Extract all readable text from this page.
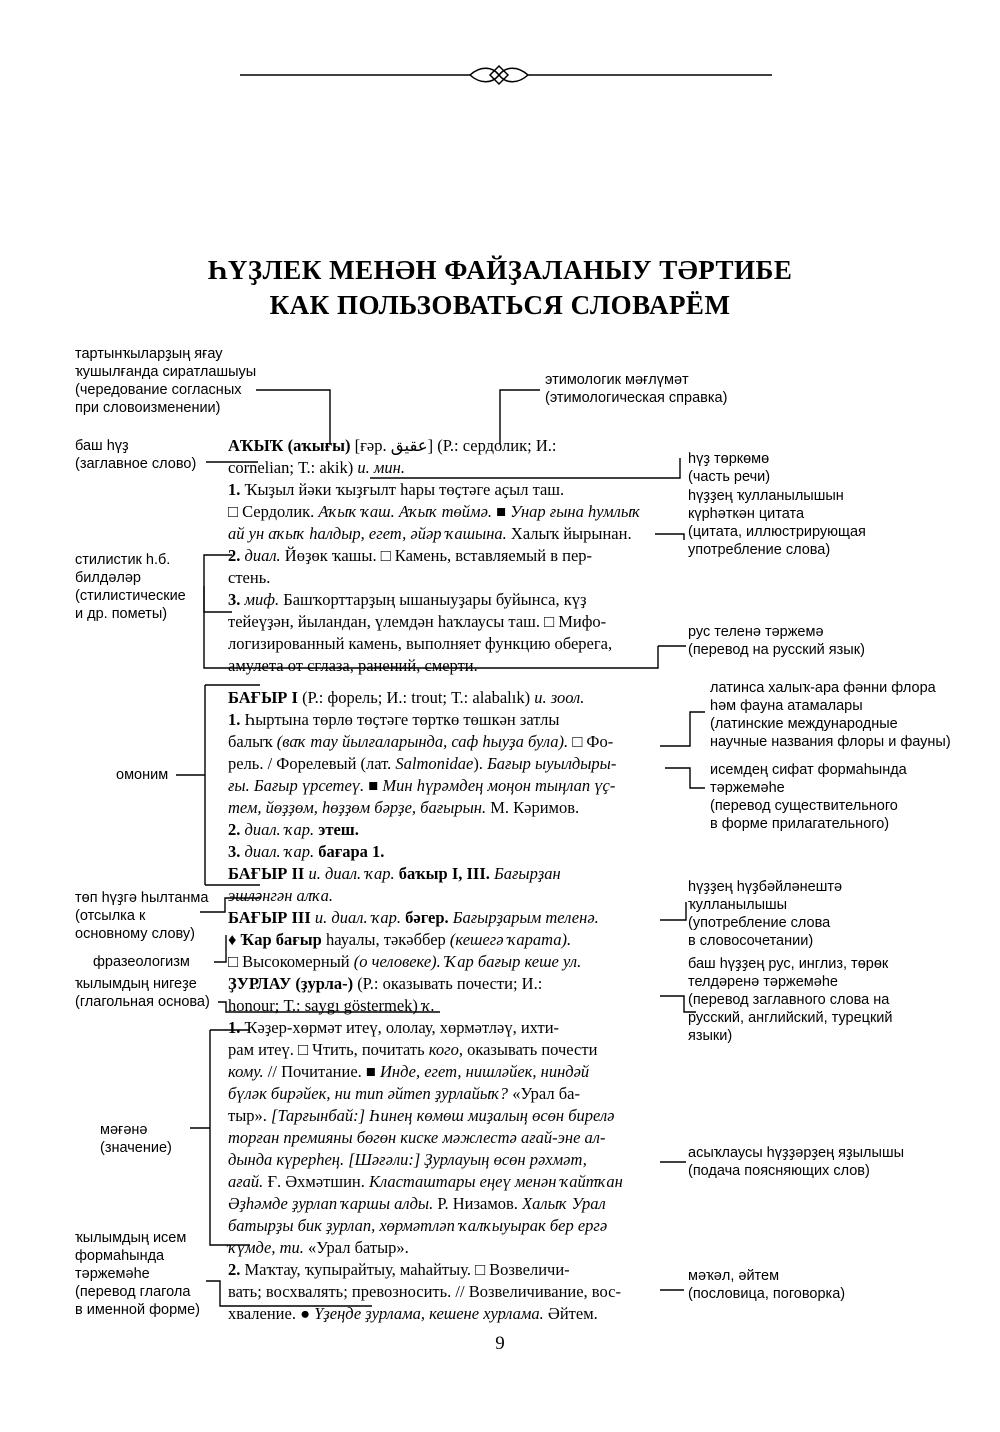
ҺҮҘЛЕК МЕНӘН ФАЙҘАЛАНЫУ ТӘРТИБЕ
КАК ПОЛЬЗОВАТЬСЯ СЛОВАРЁМ
тартынҡыларҙың яғау
ҡушылғанда сиратлашыуы
(чередование согласных
при словоизменении)
баш һүҙ
(заглавное слово)
стилистик һ.б.
билдәләр
(стилистические
и др. пометы)
омоним
төп һүҙгә һылтанма
(отсылка к
основному слову)
фразеологизм
ҡылымдың нигеҙе
(глагольная основа)
мәғәнә
(значение)
ҡылымдың исем
формаһында
тәржемәһе
(перевод глагола
в именной форме)
этимологик мәғлүмәт
(этимологическая справка)
һүҙ төркөмө
(часть речи)
һүҙҙең ҡулланылышын
күрһәткән цитата
(цитата, иллюстрирующая
употребление слова)
рус теленә тәржемә
(перевод на русский язык)
латинса халыҡ-ара фәнни флора
һәм фауна атамалары
(латинские международные
научные названия флоры и фауны)
исемдең сифат формаһында
тәржемәһе
(перевод существительного
в форме прилагательного)
һүҙҙең һүҙбәйләнештә
ҡулланылышы
(употребление слова
в словосочетании)
баш һүҙҙең рус, инглиз, төрөк
телдәренә тәржемәһе
(перевод заглавного слова на
русский, английский, турецкий
языки)
асыҡлаусы һүҙҙәрҙең яҙылышы
(подача поясняющих слов)
мәҡәл, әйтем
(пословица, поговорка)
АҠЫҠ (аҡығы) [ғәр. عقيق] (Р.: сердолик; И.:
cornelian; Т.: akik) и. мин.
1. Ҡыҙыл йәки ҡыҙғылт һары төҫтәге аҫыл таш.
□ Сердолик. Аҡыҡ ҡаш. Аҡыҡ төймә. ■ Унар ғына һумлыҡ
ай ун аҡыҡ һалдыр, егет, әйәр ҡашына. Халыҡ йырынан.
2. диал. Йөҙөк ҡашы. □ Камень, вставляемый в пер-
стень.
3. миф. Башҡорттарҙың ышаныуҙары буйынса, күҙ
тейеүҙән, йыландан, үлемдән һаҡлаусы таш. □ Мифо-
логизированный камень, выполняет функцию оберега,
амулета от сглаза, ранений, смерти.
БАҒЫР I (Р.: форель; И.: trout; Т.: alabalık) и. зоол.
1. Һыртына төрлө төҫтәге төрткө төшкән затлы
балыҡ (ваҡ тау йылғаларында, саф һыуҙа була). □ Фо-
рель. / Форелевый (лат. Salmonidae). Бағыр ыуылдыры-
ғы. Бағыр үрсетеү. ■ Мин һүрәмдең моңон тыңлап үҫ-
тем, йөҙҙөм, һөҙҙөм бәрҙе, бағырын. М. Кәримов.
2. диал. ҡар. этеш.
3. диал. ҡар. бағара 1.
БАҒЫР II и. диал. ҡар. баҡыр I, III. Бағырҙан
эшләнгән алҡа.
БАҒЫР III и. диал. ҡар. бәгер. Бағырҙарым теленә.
♦ Ҡар бағыр һауалы, тәкәббер (кешегә ҡарата).
□ Высокомерный (о человеке). Ҡар бағыр кеше ул.
ҘУРЛАУ (ҙурла-) (Р.: оказывать почести; И.:
honour; Т.: saygı göstermek) ҡ.
1. Ҡәҙер-хөрмәт итеү, ололау, хөрмәтләү, ихти-
рам итеү. □ Чтить, почитать кого, оказывать почести
кому. // Почитание. ■ Инде, егет, нишләйек, ниндәй
бүләк бирәйек, ни тип әйтеп ҙурлайыҡ? «Урал ба-
тыр». [Тарғынбай:] Һинең көмөш миҙалың өсөн бирелә
торған премияны бөгөн киске мәжлестә ағай-эне ал-
дында күрерһең. [Шәғәли:] Ҙурлауың өсөн рәхмәт,
ағай. Ғ. Әхмәтшин. Класташтары еңеү менән ҡайтҡан
Әҙһәмде ҙурлап ҡаршы алды. Р. Низамов. Халыҡ Урал
батырҙы бик ҙурлап, хөрмәтләп ҡалҡыуырак бер ергә
ҡүмде, ти. «Урал батыр».
2. Маҡтау, ҡупырайтыу, маһайтыу. □ Возвеличи-
вать; восхвалять; превозносить. // Возвеличивание, вос-
хваление. ● Үҙеңде ҙурлама, кешене хурлама. Әйтем.
9
